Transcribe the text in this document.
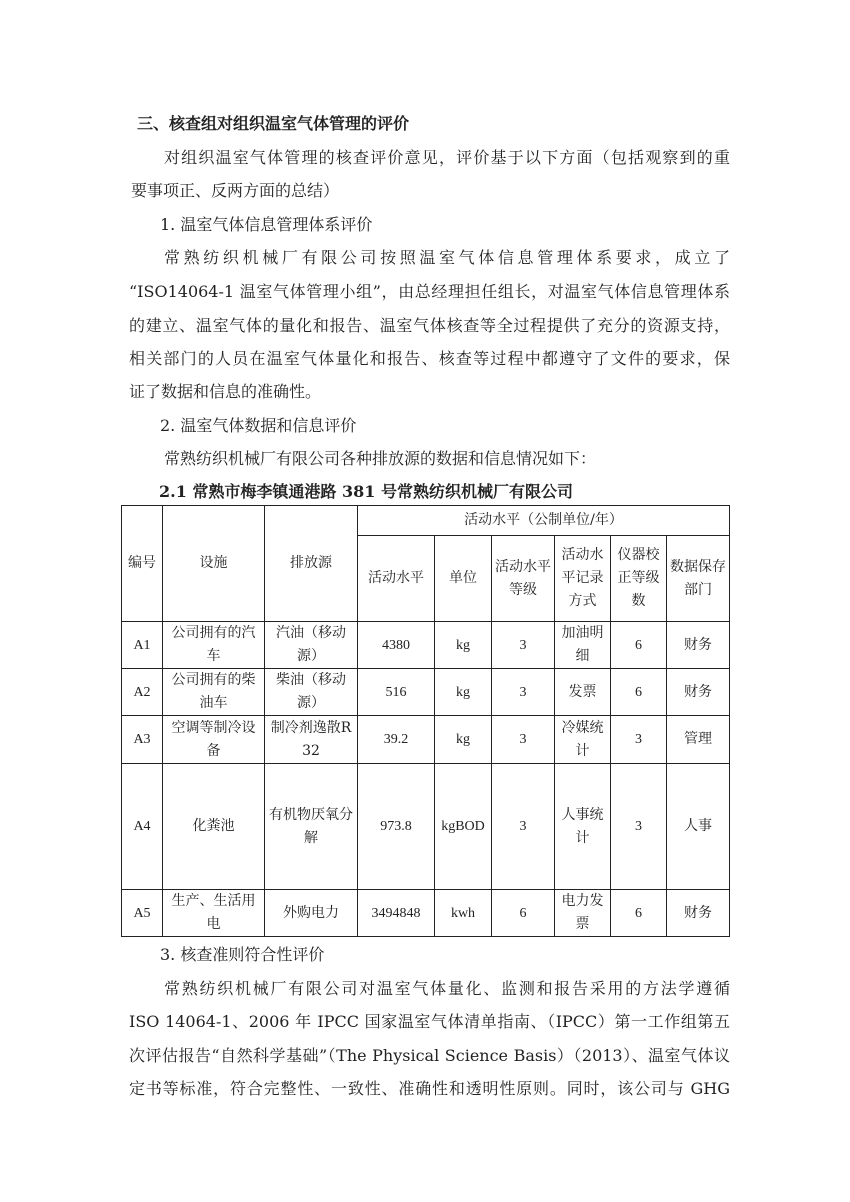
三、核查组对组织温室气体管理的评价
对组织温室气体管理的核查评价意见，评价基于以下方面（包括观察到的重
要事项正、反两方面的总结）
1. 温室气体信息管理体系评价
常熟纺织机械厂有限公司按照温室气体信息管理体系要求，成立了
“ISO14064-1 温室气体管理小组”，由总经理担任组长，对温室气体信息管理体系
的建立、温室气体的量化和报告、温室气体核查等全过程提供了充分的资源支持，
相关部门的人员在温室气体量化和报告、核查等过程中都遵守了文件的要求，保
证了数据和信息的准确性。
2. 温室气体数据和信息评价
常熟纺织机械厂有限公司各种排放源的数据和信息情况如下：
2.1 常熟市梅李镇通港路 381 号常熟纺织机械厂有限公司
编号	设施	排放源	活动水平（公制单位/年）					
			活动水平	单位	活动水平等级	活动水平记录方式	仪器校正等级数	数据保存部门
A1	公司拥有的汽车	汽油（移动源）	4380	kg	3	加油明细	6	财务
A2	公司拥有的柴油车	柴油（移动源）	516	kg	3	发票	6	财务
A3	空调等制冷设备	制冷剂逸散R32	39.2	kg	3	冷媒统计	3	管理
A4	化粪池	有机物厌氧分解	973.8	kgBOD	3	人事统计	3	人事
A5	生产、生活用电	外购电力	3494848	kwh	6	电力发票	6	财务
3. 核查准则符合性评价
常熟纺织机械厂有限公司对温室气体量化、监测和报告采用的方法学遵循
ISO 14064-1、2006 年 IPCC 国家温室气体清单指南、（IPCC）第一工作组第五
次评估报告“自然科学基础”（The Physical Science Basis）（2013）、温室气体议
定书等标准，符合完整性、一致性、准确性和透明性原则。同时，该公司与 GHG
